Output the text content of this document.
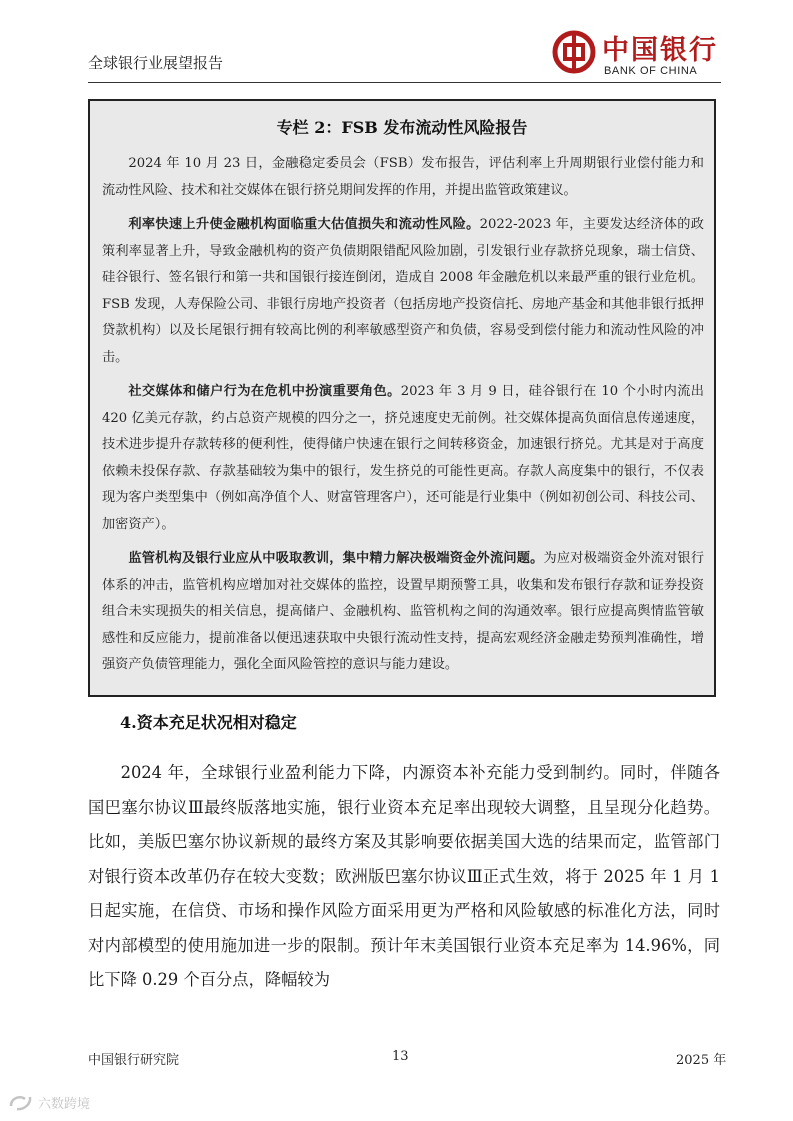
全球银行业展望报告	中国银行
BANK OF CHINA
专栏 2：FSB 发布流动性风险报告

2024 年 10 月 23 日，金融稳定委员会（FSB）发布报告，评估利率上升周期银行业偿付能力和流动性风险、技术和社交媒体在银行挤兑期间发挥的作用，并提出监管政策建议。

利率快速上升使金融机构面临重大估值损失和流动性风险。2022-2023 年，主要发达经济体的政策利率显著上升，导致金融机构的资产负债期限错配风险加剧，引发银行业存款挤兑现象，瑞士信贷、硅谷银行、签名银行和第一共和国银行接连倒闭，造成自 2008 年金融危机以来最严重的银行业危机。FSB 发现，人寿保险公司、非银行房地产投资者（包括房地产投资信托、房地产基金和其他非银行抵押贷款机构）以及长尾银行拥有较高比例的利率敏感型资产和负债，容易受到偿付能力和流动性风险的冲击。

社交媒体和储户行为在危机中扮演重要角色。2023 年 3 月 9 日，硅谷银行在 10 个小时内流出 420 亿美元存款，约占总资产规模的四分之一，挤兑速度史无前例。社交媒体提高负面信息传递速度，技术进步提升存款转移的便利性，使得储户快速在银行之间转移资金，加速银行挤兑。尤其是对于高度依赖未投保存款、存款基础较为集中的银行，发生挤兑的可能性更高。存款人高度集中的银行，不仅表现为客户类型集中（例如高净值个人、财富管理客户），还可能是行业集中（例如初创公司、科技公司、加密资产）。

监管机构及银行业应从中吸取教训，集中精力解决极端资金外流问题。为应对极端资金外流对银行体系的冲击，监管机构应增加对社交媒体的监控，设置早期预警工具，收集和发布银行存款和证券投资组合未实现损失的相关信息，提高储户、金融机构、监管机构之间的沟通效率。银行应提高舆情监管敏感性和反应能力，提前准备以便迅速获取中央银行流动性支持，提高宏观经济金融走势预判准确性，增强资产负债管理能力，强化全面风险管控的意识与能力建设。

4.资本充足状况相对稳定

2024 年，全球银行业盈利能力下降，内源资本补充能力受到制约。同时，伴随各国巴塞尔协议Ⅲ最终版落地实施，银行业资本充足率出现较大调整，且呈现分化趋势。比如，美版巴塞尔协议新规的最终方案及其影响要依据美国大选的结果而定，监管部门对银行资本改革仍存在较大变数；欧洲版巴塞尔协议Ⅲ正式生效，将于 2025 年 1 月 1 日起实施，在信贷、市场和操作风险方面采用更为严格和风险敏感的标准化方法，同时对内部模型的使用施加进一步的限制。预计年末美国银行业资本充足率为 14.96%，同比下降 0.29 个百分点，降幅较为

中国银行研究院	13	2025 年
六数跨境
